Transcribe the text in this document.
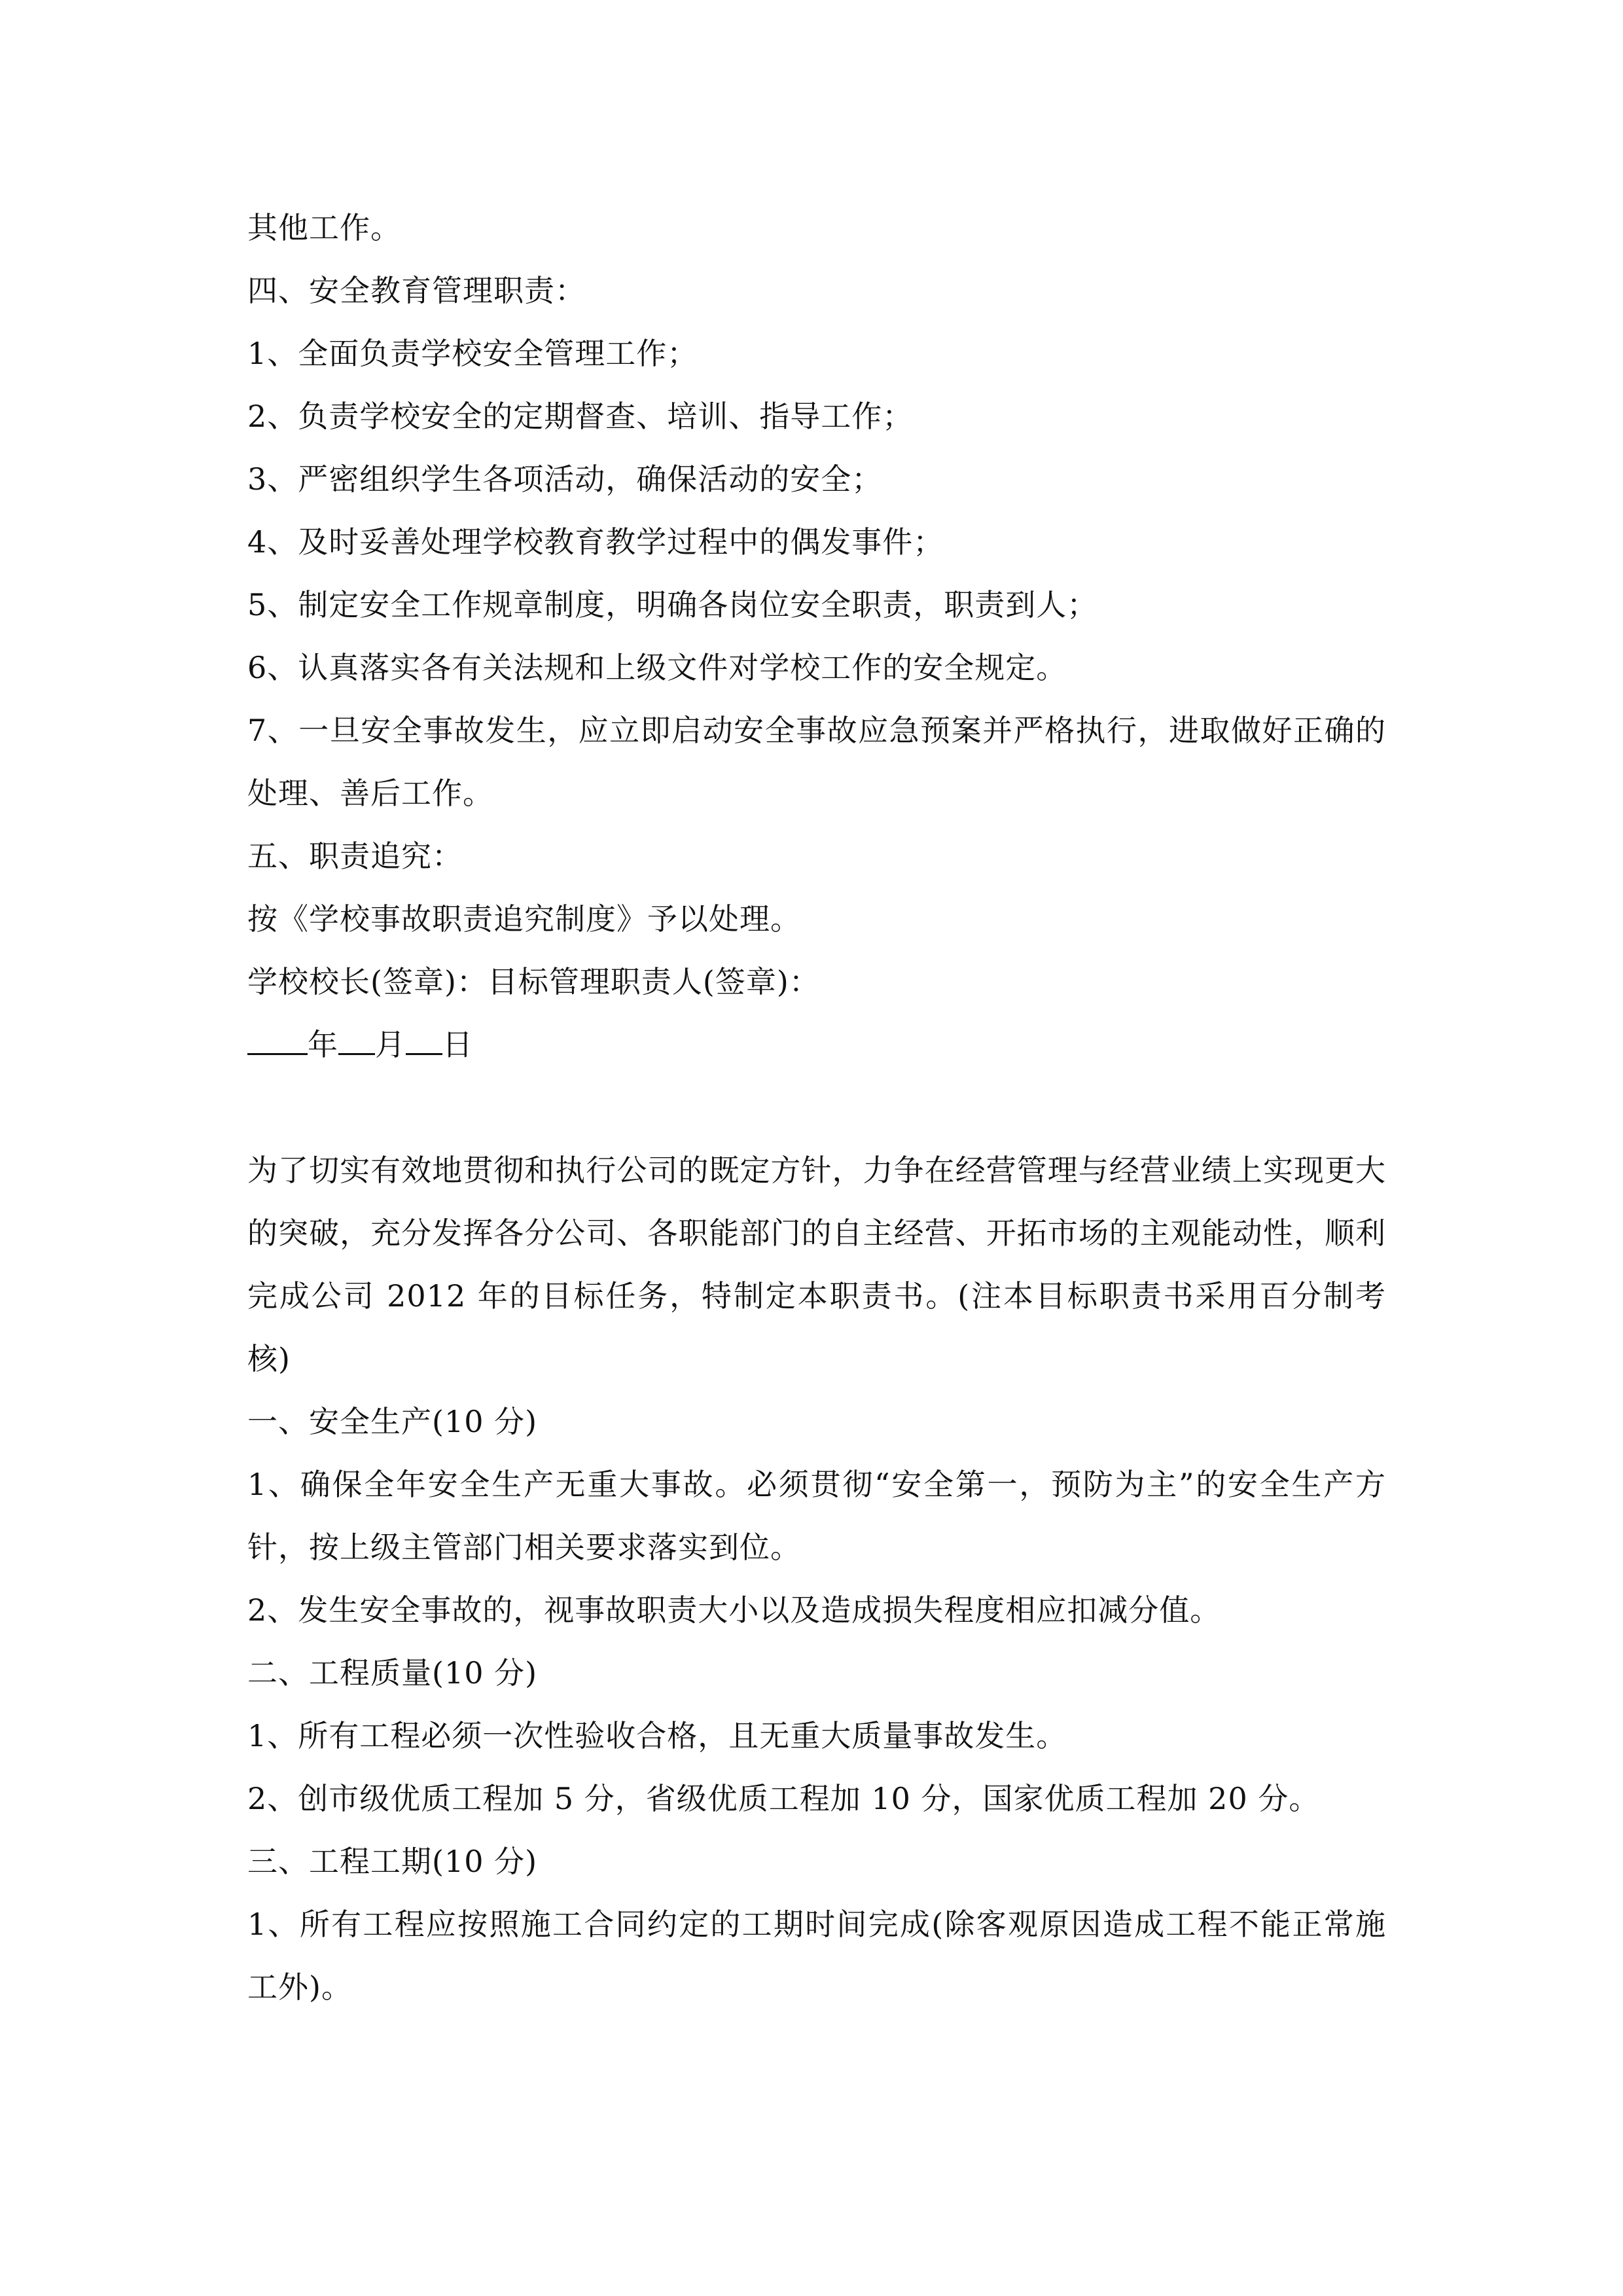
其他工作。
四、安全教育管理职责：
1、全面负责学校安全管理工作；
2、负责学校安全的定期督查、培训、指导工作；
3、严密组织学生各项活动，确保活动的安全；
4、及时妥善处理学校教育教学过程中的偶发事件；
5、制定安全工作规章制度，明确各岗位安全职责，职责到人；
6、认真落实各有关法规和上级文件对学校工作的安全规定。
7、一旦安全事故发生，应立即启动安全事故应急预案并严格执行，进取做好正确的处理、善后工作。
五、职责追究：
按《学校事故职责追究制度》予以处理。
学校校长(签章)：目标管理职责人(签章)：
年 月 日
为了切实有效地贯彻和执行公司的既定方针，力争在经营管理与经营业绩上实现更大的突破，充分发挥各分公司、各职能部门的自主经营、开拓市场的主观能动性，顺利完成公司 2012 年的目标任务，特制定本职责书。(注本目标职责书采用百分制考核)
一、安全生产(10 分)
1、确保全年安全生产无重大事故。必须贯彻“安全第一，预防为主”的安全生产方针，按上级主管部门相关要求落实到位。
2、发生安全事故的，视事故职责大小以及造成损失程度相应扣减分值。
二、工程质量(10 分)
1、所有工程必须一次性验收合格，且无重大质量事故发生。
2、创市级优质工程加 5 分，省级优质工程加 10 分，国家优质工程加 20 分。
三、工程工期(10 分)
1、所有工程应按照施工合同约定的工期时间完成(除客观原因造成工程不能正常施工外)。
